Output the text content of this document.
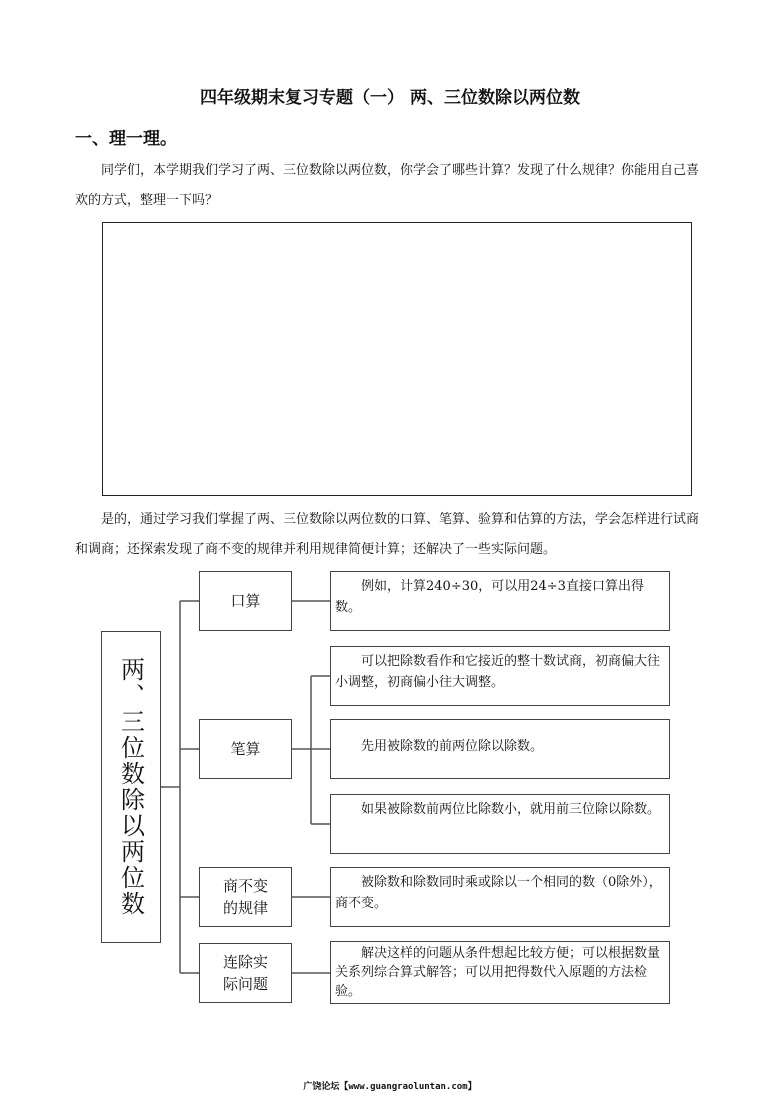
四年级期末复习专题（一） 两、三位数除以两位数
一、理一理。
同学们，本学期我们学习了两、三位数除以两位数，你学会了哪些计算？发现了什么规律？你能用自己喜欢的方式，整理一下吗？
是的，通过学习我们掌握了两、三位数除以两位数的口算、笔算、验算和估算的方法，学会怎样进行试商和调商；还探索发现了商不变的规律并利用规律简便计算；还解决了一些实际问题。
两、三位数除以两位数
口算
例如，计算240÷30，可以用24÷3直接口算出得数。
笔算
可以把除数看作和它接近的整十数试商，初商偏大往小调整，初商偏小往大调整。
先用被除数的前两位除以除数。
如果被除数前两位比除数小，就用前三位除以除数。
商不变的规律
被除数和除数同时乘或除以一个相同的数（0除外），商不变。
连除实际问题
解决这样的问题从条件想起比较方便；可以根据数量关系列综合算式解答；可以用把得数代入原题的方法检验。
广饶论坛【www.guangraoluntan.com】
